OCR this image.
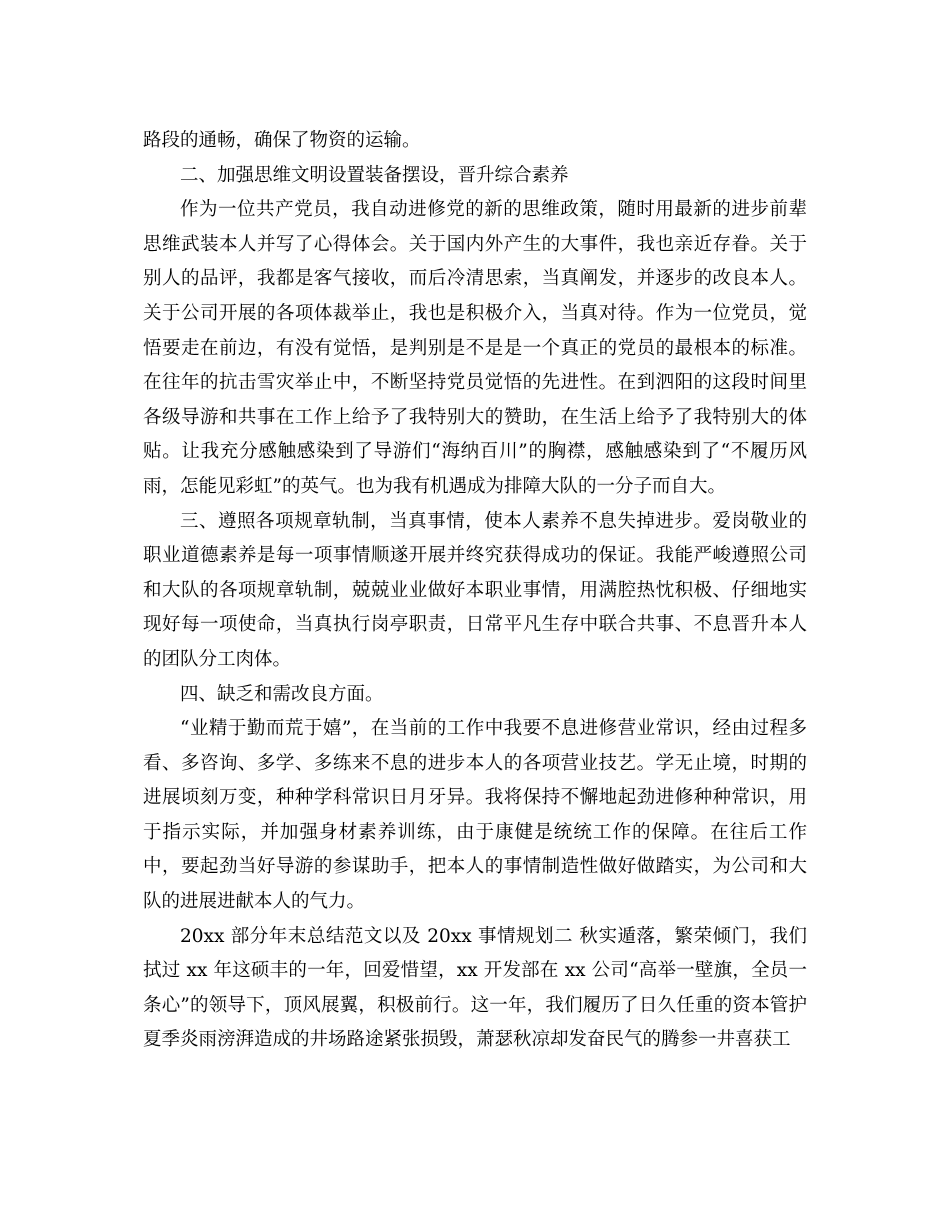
路段的通畅，确保了物资的运输。

二、加强思维文明设置装备摆设，晋升综合素养

作为一位共产党员，我自动进修党的新的思维政策，随时用最新的进步前辈思维武装本人并写了心得体会。关于国内外产生的大事件，我也亲近存眷。关于别人的品评，我都是客气接收，而后冷清思索，当真阐发，并逐步的改良本人。关于公司开展的各项体裁举止，我也是积极介入，当真对待。作为一位党员，觉悟要走在前边，有没有觉悟，是判别是不是是一个真正的党员的最根本的标准。在往年的抗击雪灾举止中，不断坚持党员觉悟的先进性。在到泗阳的这段时间里各级导游和共事在工作上给予了我特别大的赞助，在生活上给予了我特别大的体贴。让我充分感触感染到了导游们“海纳百川”的胸襟，感触感染到了“不履历风雨，怎能见彩虹”的英气。也为我有机遇成为排障大队的一分子而自大。

三、遵照各项规章轨制，当真事情，使本人素养不息失掉进步。爱岗敬业的职业道德素养是每一项事情顺遂开展并终究获得成功的保证。我能严峻遵照公司和大队的各项规章轨制，兢兢业业做好本职业事情，用满腔热忱积极、仔细地实现好每一项使命，当真执行岗亭职责，日常平凡生存中联合共事、不息晋升本人的团队分工肉体。

四、缺乏和需改良方面。

“业精于勤而荒于嬉”，在当前的工作中我要不息进修营业常识，经由过程多看、多咨询、多学、多练来不息的进步本人的各项营业技艺。学无止境，时期的进展顷刻万变，种种学科常识日月牙异。我将保持不懈地起劲进修种种常识，用于指示实际，并加强身材素养训练，由于康健是统统工作的保障。在往后工作中，要起劲当好导游的参谋助手，把本人的事情制造性做好做踏实，为公司和大队的进展进献本人的气力。

20xx 部分年末总结范文以及 20xx 事情规划二 秋实遁落，繁荣倾门，我们拭过 xx 年这硕丰的一年，回爱惜望，xx 开发部在 xx 公司“高举一壁旗，全员一条心”的领导下，顶风展翼，积极前行。这一年，我们履历了日久任重的资本管护夏季炎雨滂湃造成的井场路途紧张损毁，萧瑟秋凉却发奋民气的腾参一井喜获工
